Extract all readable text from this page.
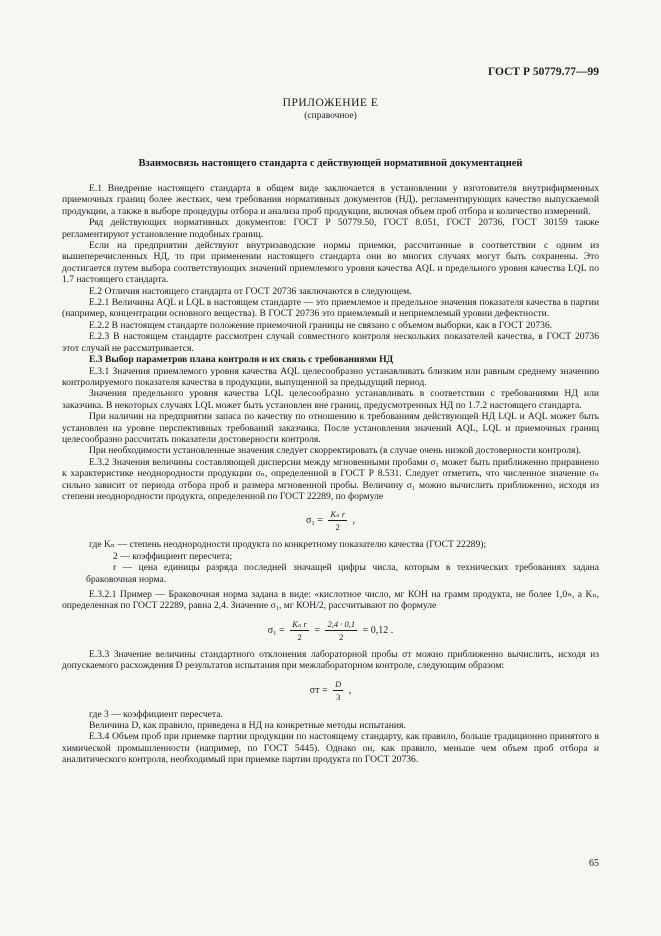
ГОСТ Р 50779.77—99
ПРИЛОЖЕНИЕ Е
(справочное)
Взаимосвязь настоящего стандарта с действующей нормативной документацией

Е.1 Внедрение настоящего стандарта в общем виде заключается в установлении у изготовителя внутрифирменных приемочных границ более жестких, чем требования нормативных документов (НД), регламентирующих качество выпускаемой продукции, а также в выборе процедуры отбора и анализа проб продукции, включая объем проб отбора и количество измерений.

Ряд действующих нормативных документов: ГОСТ Р 50779.50, ГОСТ 8.051, ГОСТ 20736, ГОСТ 30159 также регламентируют установление подобных границ.

Если на предприятии действуют внутризаводские нормы приемки, рассчитанные в соответствии с одним из вышеперечисленных НД, то при применении настоящего стандарта они во многих случаях могут быть сохранены. Это достигается путем выбора соответствующих значений приемлемого уровня качества AQL и предельного уровня качества LQL по 1.7 настоящего стандарта.

Е.2 Отличия настоящего стандарта от ГОСТ 20736 заключаются в следующем.

Е.2.1 Величины AQL и LQL в настоящем стандарте — это приемлемое и предельное значения показателя качества в партии (например, концентрации основного вещества). В ГОСТ 20736 это приемлемый и неприемлемый уровни дефектности.

Е.2.2 В настоящем стандарте положение приемочной границы не связано с объемом выборки, как в ГОСТ 20736.

Е.2.3 В настоящем стандарте рассмотрен случай совместного контроля нескольких показателей качества, в ГОСТ 20736 этот случай не рассматривается.

Е.3 Выбор параметров плана контроля и их связь с требованиями НД

Е.3.1 Значения приемлемого уровня качества AQL целесообразно устанавливать близким или равным среднему значению контролируемого показателя качества в продукции, выпущенной за предыдущий период.

Значения предельного уровня качества LQL целесообразно устанавливать в соответствии с требованиями НД или заказчика. В некоторых случаях LQL может быть установлен вне границ, предусмотренных НД по 1.7.2 настоящего стандарта.

При наличии на предприятии запаса по качеству по отношению к требованиям действующей НД LQL и AQL может быть установлен на уровне перспективных требований заказчика. После установления значений AQL, LQL и приемочных границ целесообразно рассчитать показатели достоверности контроля.

При необходимости установленные значения следует скорректировать (в случае очень низкой достоверности контроля).

Е.3.2 Значения величины составляющей дисперсии между мгновенными пробами σ₁ может быть приближенно приравнено к характеристике неоднородности продукции σₙ, определенной в ГОСТ Р 8.531. Следует отметить, что численное значение σₙ сильно зависит от периода отбора проб и размера мгновенной пробы. Величину σ₁ можно вычислить приближенно, исходя из степени неоднородности продукта, определенной по ГОСТ 22289, по формуле

$\sigma_1 = \frac{\text{Kₙ r}}{2}$ ,

где Kₙ — степень неоднородности продукта по конкретному показателю качества (ГОСТ 22289);

2 — коэффициент пересчета;

r — цена единицы разряда последней значащей цифры числа, которым в технических требованиях задана браковочная норма.

Е.3.2.1 Пример — Браковочная норма задана в виде: «кислотное число, мг КОН на грамм продукта, не более 1,0», а Kₙ, определенная по ГОСТ 22289, равна 2,4. Значение σ₁, мг КОН/2, рассчитывают по формуле

$\sigma_1 = \frac{\text{Kₙ r}}{2} = \frac{2,4 \cdot 0,1}{2} = 0,12$ .

Е.3.3 Значение величины стандартного отклонения лабораторной пробы σт можно приближенно вычислить, исходя из допускаемого расхождения D результатов испытания при межлабораторном контроле, следующим образом:

$\sigma т = \frac{D}{3}$ ,

где 3 — коэффициент пересчета.

Величина D, как правило, приведена в НД на конкретные методы испытания.

Е.3.4 Объем проб при приемке партии продукции по настоящему стандарту, как правило, больше традиционно принятого в химической промышленности (например, по ГОСТ 5445). Однако он, как правило, меньше чем объем проб отбора и аналитического контроля, необходимый при приемке партии продукта по ГОСТ 20736.

65
